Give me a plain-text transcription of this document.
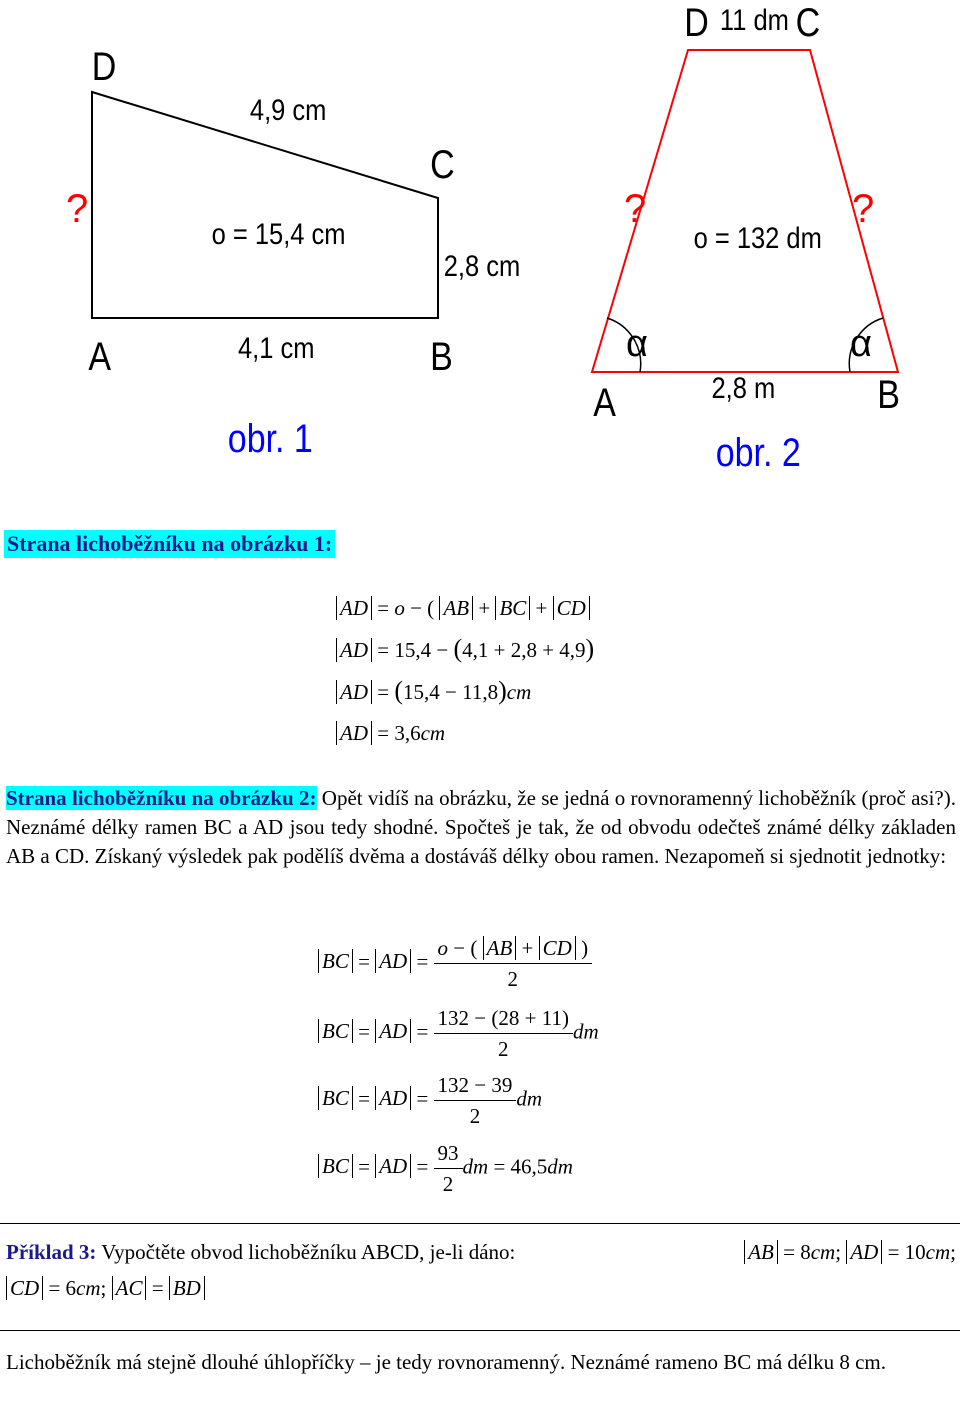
D
4,9 cm
C
?
o = 15,4 cm
2,8 cm
A	4,1 cm	B
obr. 1
D 11 dm C
?	?
o = 132 dm
α	α
A	2,8 m	B
obr. 2
Strana lichoběžníku na obrázku 1:
AD = o − ( AB + BC + CD
AD = 15,4 − (4,1 + 2,8 + 4,9)
AD = (15,4 − 11,8)cm
AD = 3,6cm
Strana lichoběžníku na obrázku 2: Opět vidíš na obrázku, že se jedná o rovnoramenný lichoběžník (proč asi?). Neznámé délky ramen BC a AD jsou tedy shodné. Spočteš je tak, že od obvodu odečteš známé délky základen AB a CD. Získaný výsledek pak podělíš dvěma a dostáváš délky obou ramen. Nezapomeň si sjednotit jednotky:
BC = AD = $\frac{o - ( AB + CD )}{2}$
BC = AD = $\frac{132 - (28 + 11)}{2}$ dm
BC = AD = $\frac{132 - 39}{2}$ dm
BC = AD = $\frac{93}{2}$ dm = 46,5dm
Příklad 3: Vypočtěte obvod lichoběžníku ABCD, je-li dáno:	AB = 8cm; AD = 10cm;

CD = 6cm; AC = BD
Lichoběžník má stejně dlouhé úhlopříčky – je tedy rovnoramenný. Neznámé rameno BC má délku 8 cm.
